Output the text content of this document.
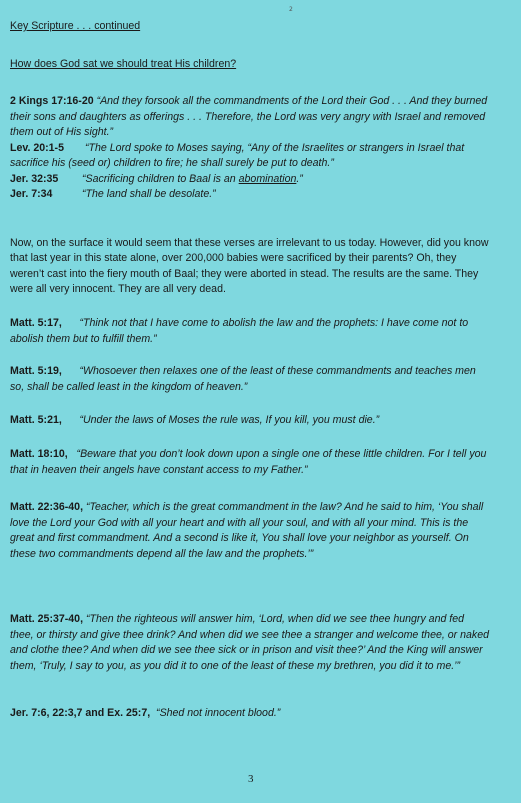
2
Key Scripture . . . continued
How does God sat we should treat His children?
2 Kings 17:16-20 “And they forsook all the commandments of the Lord their God . . . And they burned their sons and daughters as offerings . . . Therefore, the Lord was very angry with Israel and removed them out of His sight.”
Lev. 20:1-5 “The Lord spoke to Moses saying, “Any of the Israelites or strangers in Israel that sacrifice his (seed or) children to fire; he shall surely be put to death.”
Jer. 32:35 “Sacrificing children to Baal is an abomination.”
Jer. 7:34	“The land shall be desolate.”
Now, on the surface it would seem that these verses are irrelevant to us today. However, did you know that last year in this state alone, over 200,000 babies were sacrificed by their parents? Oh, they weren’t cast into the fiery mouth of Baal; they were aborted in stead. The results are the same. They were all very innocent. They are all very dead.
Matt. 5:17, “Think not that I have come to abolish the law and the prophets: I have come not to abolish them but to fulfill them.”
Matt. 5:19, “Whosoever then relaxes one of the least of these commandments and teaches men so, shall be called least in the kingdom of heaven.”
Matt. 5:21, “Under the laws of Moses the rule was, If you kill, you must die.”
Matt. 18:10, “Beware that you don’t look down upon a single one of these little children. For I tell you that in heaven their angels have constant access to my Father.”
Matt. 22:36-40, “Teacher, which is the great commandment in the law? And he said to him, ‘You shall love the Lord your God with all your heart and with all your soul, and with all your mind. This is the great and first commandment. And a second is like it, You shall love your neighbor as yourself. On these two commandments depend all the law and the prophets.’”
Matt. 25:37-40, “Then the righteous will answer him, ‘Lord, when did we see thee hungry and fed thee, or thirsty and give thee drink? And when did we see thee a stranger and welcome thee, or naked and clothe thee? And when did we see thee sick or in prison and visit thee?’ And the King will answer them, ‘Truly, I say to you, as you did it to one of the least of these my brethren, you did it to me.’”
Jer. 7:6, 22:3,7 and Ex. 25:7, “Shed not innocent blood.”
3
